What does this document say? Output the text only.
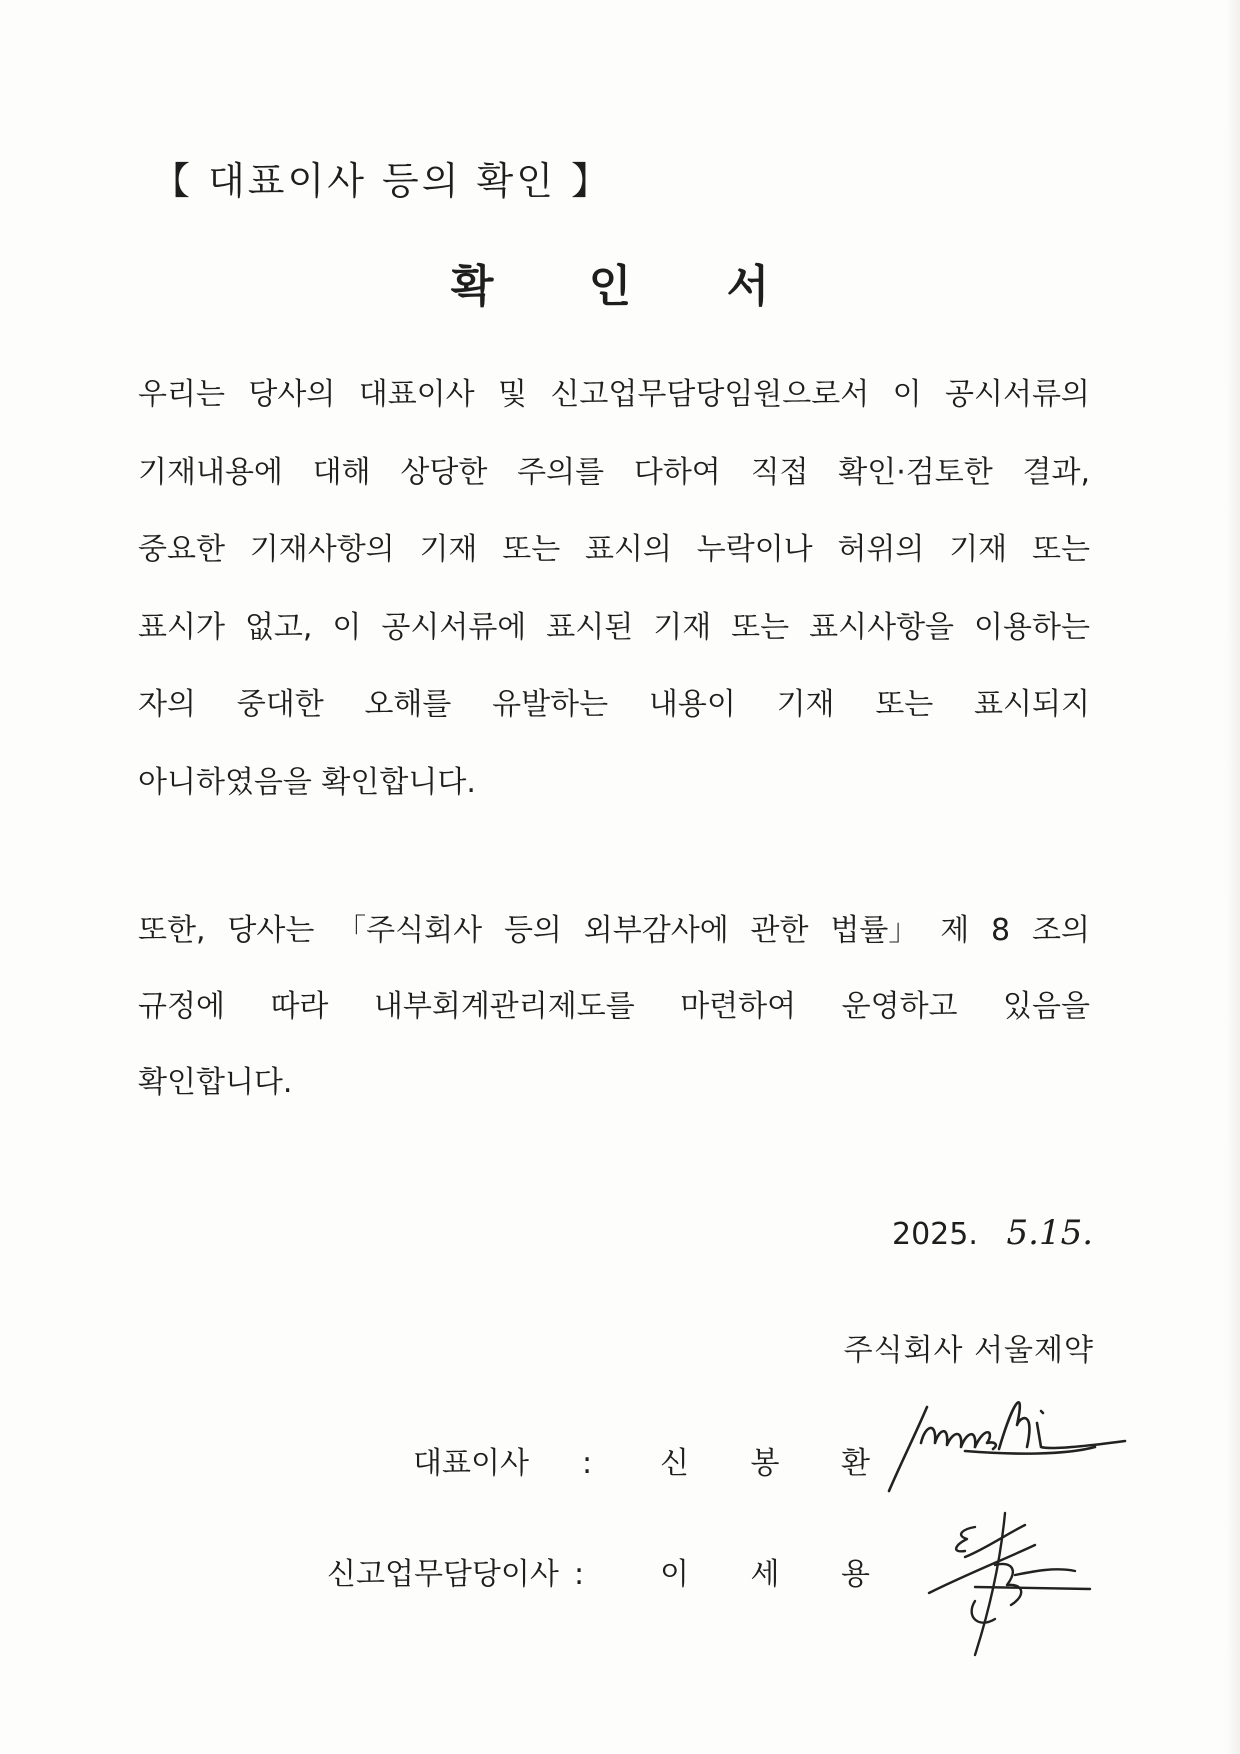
【 대표이사 등의 확인 】
확 인 서
우리는 당사의 대표이사 및 신고업무담당임원으로서 이 공시서류의
기재내용에 대해 상당한 주의를 다하여 직접 확인·검토한 결과,
중요한 기재사항의 기재 또는 표시의 누락이나 허위의 기재 또는
표시가 없고, 이 공시서류에 표시된 기재 또는 표시사항을 이용하는
자의 중대한 오해를 유발하는 내용이 기재 또는 표시되지
아니하였음을 확인합니다.
또한, 당사는 「주식회사 등의 외부감사에 관한 법률」 제 8 조의
규정에 따라 내부회계관리제도를 마련하여 운영하고 있음을
확인합니다.
2025. 5.15.
주식회사 서울제약
대표이사 : 신 봉 환
신고업무담당이사 :	이 세 용
